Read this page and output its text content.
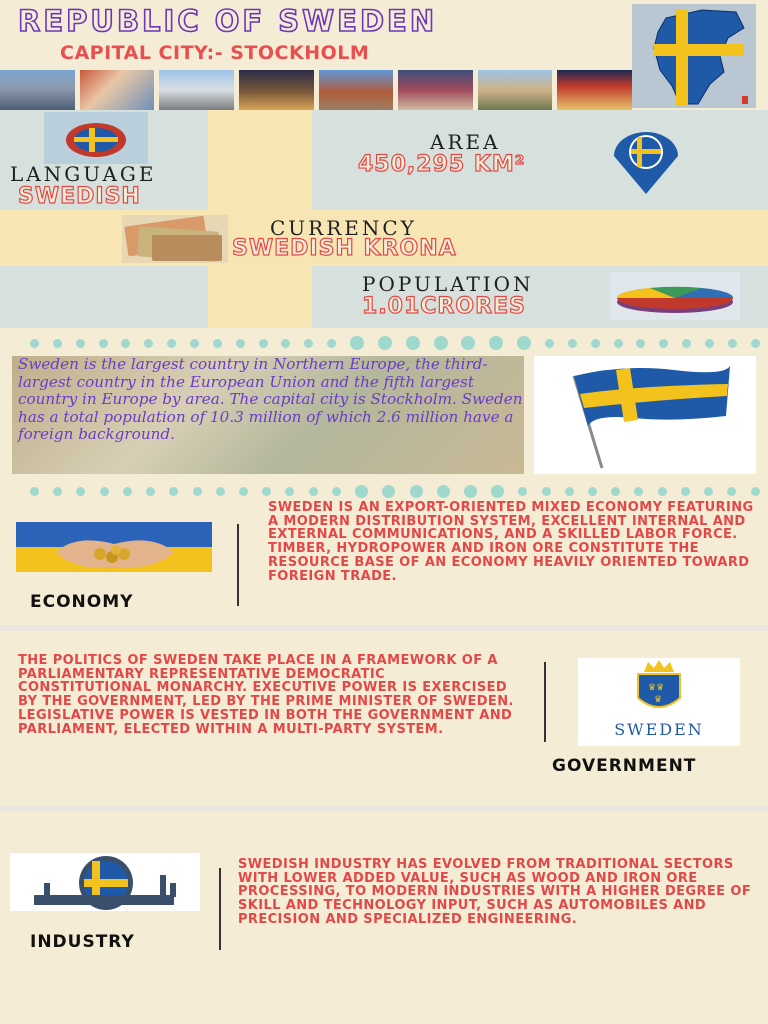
REPUBLIC OF SWEDEN
CAPITAL CITY:- STOCKHOLM
LANGUAGE
SWEDISH
AREA
450,295 KM²
CURRENCY
SWEDISH KRONA
POPULATION
1.01CRORES
Sweden is the largest country in Northern Europe, the third-largest country in the European Union and the fifth largest country in Europe by area. The capital city is Stockholm. Sweden has a total population of 10.3 million of which 2.6 million have a foreign background.
ECONOMY
SWEDEN IS AN EXPORT-ORIENTED MIXED ECONOMY FEATURING A MODERN DISTRIBUTION SYSTEM, EXCELLENT INTERNAL AND EXTERNAL COMMUNICATIONS, AND A SKILLED LABOR FORCE. TIMBER, HYDROPOWER AND IRON ORE CONSTITUTE THE RESOURCE BASE OF AN ECONOMY HEAVILY ORIENTED TOWARD FOREIGN TRADE.
THE POLITICS OF SWEDEN TAKE PLACE IN A FRAMEWORK OF A PARLIAMENTARY REPRESENTATIVE DEMOCRATIC CONSTITUTIONAL MONARCHY. EXECUTIVE POWER IS EXERCISED BY THE GOVERNMENT, LED BY THE PRIME MINISTER OF SWEDEN. LEGISLATIVE POWER IS VESTED IN BOTH THE GOVERNMENT AND PARLIAMENT, ELECTED WITHIN A MULTI-PARTY SYSTEM.
♛♛
♛
SWEDEN
GOVERNMENT
INDUSTRY
SWEDISH INDUSTRY HAS EVOLVED FROM TRADITIONAL SECTORS WITH LOWER ADDED VALUE, SUCH AS WOOD AND IRON ORE PROCESSING, TO MODERN INDUSTRIES WITH A HIGHER DEGREE OF SKILL AND TECHNOLOGY INPUT, SUCH AS AUTOMOBILES AND PRECISION AND SPECIALIZED ENGINEERING.
